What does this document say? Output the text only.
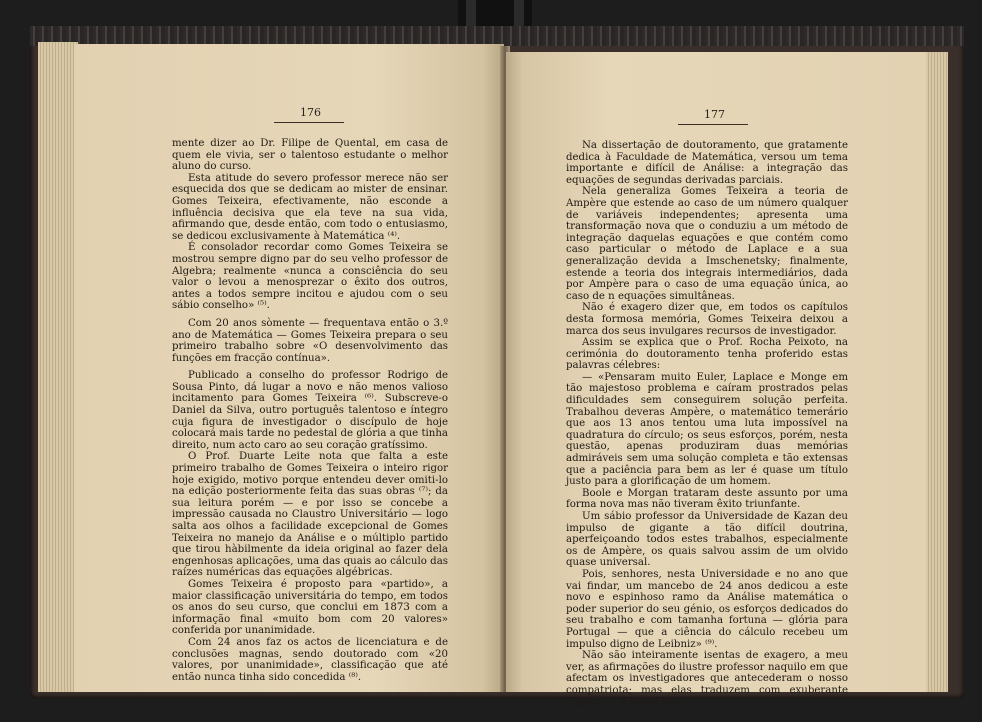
176

mente dizer ao Dr. Filipe de Quental, em casa de quem ele vivia, ser o talentoso estudante o melhor aluno do curso.

Esta atitude do severo professor merece não ser esquecida dos que se dedicam ao mister de ensinar. Gomes Teixeira, efectivamente, não esconde a influência decisiva que ela teve na sua vida, afirmando que, desde então, com todo o entusiasmo, se dedicou exclusivamente à Matemática ⁽⁴⁾.

É consolador recordar como Gomes Teixeira se mostrou sempre digno par do seu velho professor de Algebra; realmente «nunca a consciência do seu valor o levou a menosprezar o êxito dos outros, antes a todos sempre incitou e ajudou com o seu sábio conselho» ⁽⁵⁾.

Com 20 anos sòmente — frequentava então o 3.º ano de Matemática — Gomes Teixeira prepara o seu primeiro trabalho sobre «O desenvolvimento das funções em fracção contínua».

Publicado a conselho do professor Rodrigo de Sousa Pinto, dá lugar a novo e não menos valioso incitamento para Gomes Teixeira ⁽⁶⁾. Subscreve-o Daniel da Silva, outro português talentoso e íntegro cuja figura de investigador o discípulo de hoje colocará mais tarde no pedestal de glória a que tinha direito, num acto caro ao seu coração gratíssimo.

O Prof. Duarte Leite nota que falta a este primeiro trabalho de Gomes Teixeira o inteiro rigor hoje exigido, motivo porque entendeu dever omiti-lo na edição posteriormente feita das suas obras ⁽⁷⁾; da sua leitura porém — e por isso se concebe a impressão causada no Claustro Universitário — logo salta aos olhos a facilidade excepcional de Gomes Teixeira no manejo da Análise e o múltiplo partido que tirou hàbilmente da ideia original ao fazer dela engenhosas aplicações, uma das quais ao cálculo das raízes numéricas das equações algébricas.

Gomes Teixeira é proposto para «partido», a maior classificação universitária do tempo, em todos os anos do seu curso, que conclui em 1873 com a informação final «muito bom com 20 valores» conferida por unanimidade.

Com 24 anos faz os actos de licenciatura e de conclusões magnas, sendo doutorado com «20 valores, por unanimidade», classificação que até então nunca tinha sido concedida ⁽⁸⁾.

177

Na dissertação de doutoramento, que gratamente dedica à Faculdade de Matemática, versou um tema importante e difícil de Análise: a integração das equações de segundas derivadas parciais.

Nela generaliza Gomes Teixeira a teoria de Ampère que estende ao caso de um número qualquer de variáveis independentes; apresenta uma transformação nova que o conduziu a um método de integração daquelas equações e que contém como caso particular o método de Laplace e a sua generalização devida a Imschenetsky; finalmente, estende a teoria dos integrais intermediários, dada por Ampère para o caso de uma equação única, ao caso de n equações simultâneas.

Não é exagero dizer que, em todos os capítulos desta formosa memória, Gomes Teixeira deixou a marca dos seus invulgares recursos de investigador.

Assim se explica que o Prof. Rocha Peixoto, na cerimónia do doutoramento tenha proferido estas palavras célebres:

— «Pensaram muito Euler, Laplace e Monge em tão majestoso problema e caíram prostrados pelas dificuldades sem conseguirem solução perfeita. Trabalhou deveras Ampère, o matemático temerário que aos 13 anos tentou uma luta impossível na quadratura do círculo; os seus esforços, porém, nesta questão, apenas produziram duas memórias admiráveis sem uma solução completa e tão extensas que a paciência para bem as ler é quase um título justo para a glorificação de um homem.

Boole e Morgan trataram deste assunto por uma forma nova mas não tiveram êxito triunfante.

Um sábio professor da Universidade de Kazan deu impulso de gigante a tão difícil doutrina, aperfeiçoando todos estes trabalhos, especialmente os de Ampère, os quais salvou assim de um olvido quase universal.

Pois, senhores, nesta Universidade e no ano que vai findar, um mancebo de 24 anos dedicou a este novo e espinhoso ramo da Análise matemática o poder superior do seu génio, os esforços dedicados do seu trabalho e com tamanha fortuna — glória para Portugal — que a ciência do cálculo recebeu um impulso digno de Leibniz» ⁽⁹⁾.

Não são inteiramente isentas de exagero, a meu ver, as afirmações do ilustre professor naquilo em que afectam os investigadores que antecederam o nosso compatriota; mas elas traduzem com exuberante clareza — e nesse par-
